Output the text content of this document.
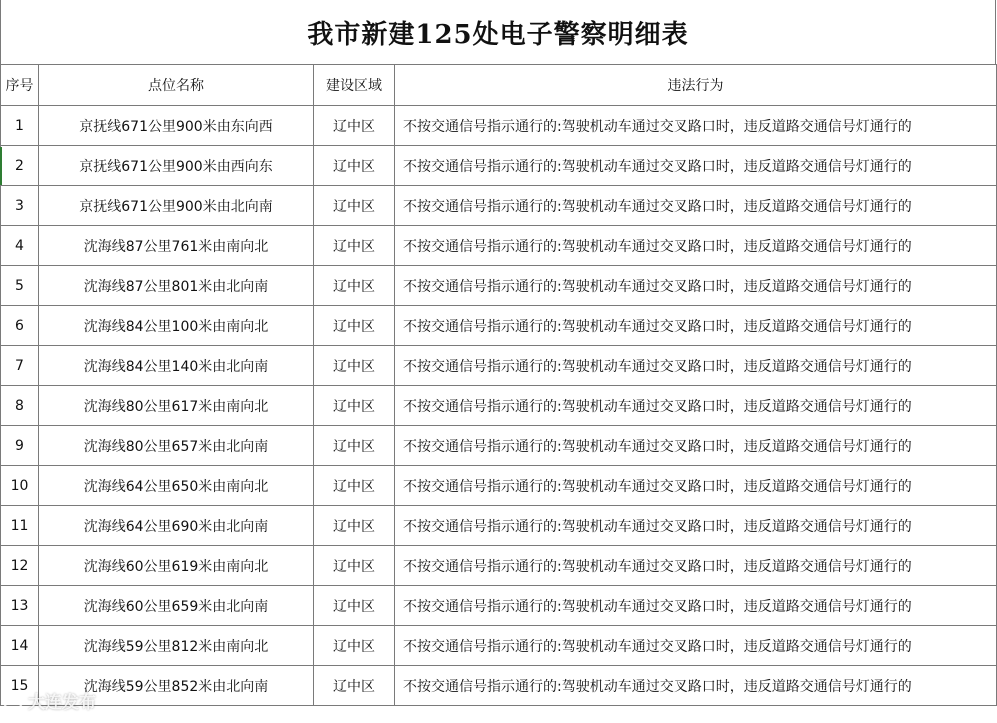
我市新建125处电子警察明细表
序号	点位名称	建设区域	违法行为
1	京抚线671公里900米由东向西	辽中区	不按交通信号指示通行的:驾驶机动车通过交叉路口时，违反道路交通信号灯通行的
2	京抚线671公里900米由西向东	辽中区	不按交通信号指示通行的:驾驶机动车通过交叉路口时，违反道路交通信号灯通行的
3	京抚线671公里900米由北向南	辽中区	不按交通信号指示通行的:驾驶机动车通过交叉路口时，违反道路交通信号灯通行的
4	沈海线87公里761米由南向北	辽中区	不按交通信号指示通行的:驾驶机动车通过交叉路口时，违反道路交通信号灯通行的
5	沈海线87公里801米由北向南	辽中区	不按交通信号指示通行的:驾驶机动车通过交叉路口时，违反道路交通信号灯通行的
6	沈海线84公里100米由南向北	辽中区	不按交通信号指示通行的:驾驶机动车通过交叉路口时，违反道路交通信号灯通行的
7	沈海线84公里140米由北向南	辽中区	不按交通信号指示通行的:驾驶机动车通过交叉路口时，违反道路交通信号灯通行的
8	沈海线80公里617米由南向北	辽中区	不按交通信号指示通行的:驾驶机动车通过交叉路口时，违反道路交通信号灯通行的
9	沈海线80公里657米由北向南	辽中区	不按交通信号指示通行的:驾驶机动车通过交叉路口时，违反道路交通信号灯通行的
10	沈海线64公里650米由南向北	辽中区	不按交通信号指示通行的:驾驶机动车通过交叉路口时，违反道路交通信号灯通行的
11	沈海线64公里690米由北向南	辽中区	不按交通信号指示通行的:驾驶机动车通过交叉路口时，违反道路交通信号灯通行的
12	沈海线60公里619米由南向北	辽中区	不按交通信号指示通行的:驾驶机动车通过交叉路口时，违反道路交通信号灯通行的
13	沈海线60公里659米由北向南	辽中区	不按交通信号指示通行的:驾驶机动车通过交叉路口时，违反道路交通信号灯通行的
14	沈海线59公里812米由南向北	辽中区	不按交通信号指示通行的:驾驶机动车通过交叉路口时，违反道路交通信号灯通行的
15	沈海线59公里852米由北向南	辽中区	不按交通信号指示通行的:驾驶机动车通过交叉路口时，违反道路交通信号灯通行的
大连发布
